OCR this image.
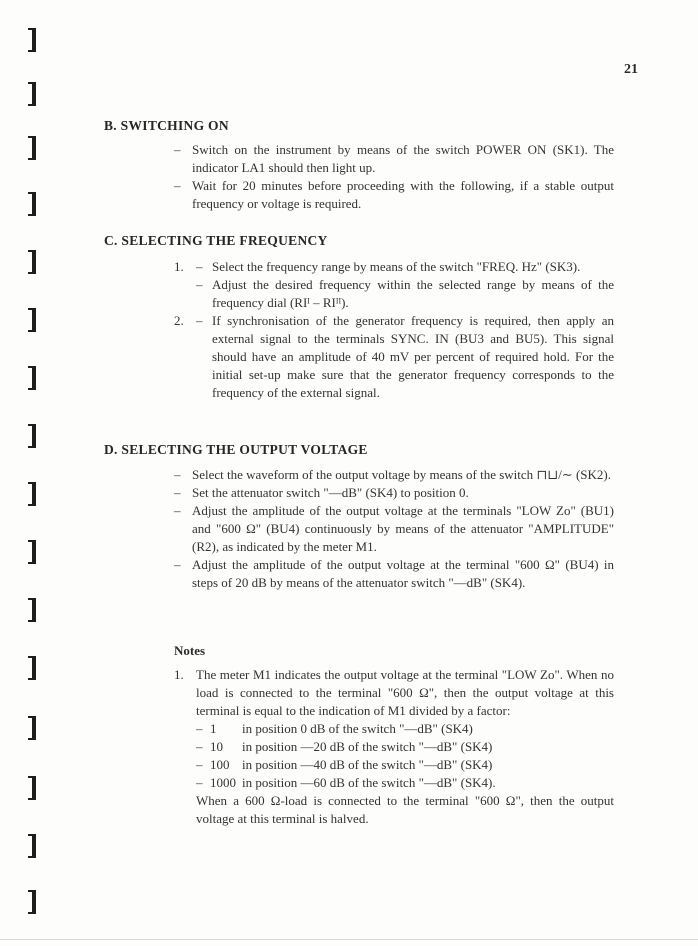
21
B. SWITCHING ON

– Switch on the instrument by means of the switch POWER ON (SK1). The indicator LA1 should then light up.

– Wait for 20 minutes before proceeding with the following, if a stable output frequency or voltage is required.

C. SELECTING THE FREQUENCY
1. – Select the frequency range by means of the switch "FREQ. Hz" (SK3).
– Adjust the desired frequency within the selected range by means of the frequency dial (RIᴵ – RIᴵᴵ).
2. – If synchronisation of the generator frequency is required, then apply an external signal to the terminals SYNC. IN (BU3 and BU5). This signal should have an amplitude of 40 mV per percent of required hold. For the initial set-up make sure that the generator frequency corresponds to the frequency of the external signal.
D. SELECTING THE OUTPUT VOLTAGE

– Select the waveform of the output voltage by means of the switch ⊓⊔/∼ (SK2).

– Set the attenuator switch "—dB" (SK4) to position 0.

– Adjust the amplitude of the output voltage at the terminals "LOW Zo" (BU1) and "600 Ω" (BU4) continuously by means of the attenuator "AMPLITUDE" (R2), as indicated by the meter M1.

– Adjust the amplitude of the output voltage at the terminal "600 Ω" (BU4) in steps of 20 dB by means of the attenuator switch "—dB" (SK4).

Notes
1. The meter M1 indicates the output voltage at the terminal "LOW Zo". When no load is connected to the terminal "600 Ω", then the output voltage at this terminal is equal to the indication of M1 divided by a factor:
– 1	in position 0 dB of the switch "—dB" (SK4)
– 10	in position —20 dB of the switch "—dB" (SK4)
– 100 in position —40 dB of the switch "—dB" (SK4)
– 1000 in position —60 dB of the switch "—dB" (SK4).
When a 600 Ω-load is connected to the terminal "600 Ω", then the output voltage at this terminal is halved.
